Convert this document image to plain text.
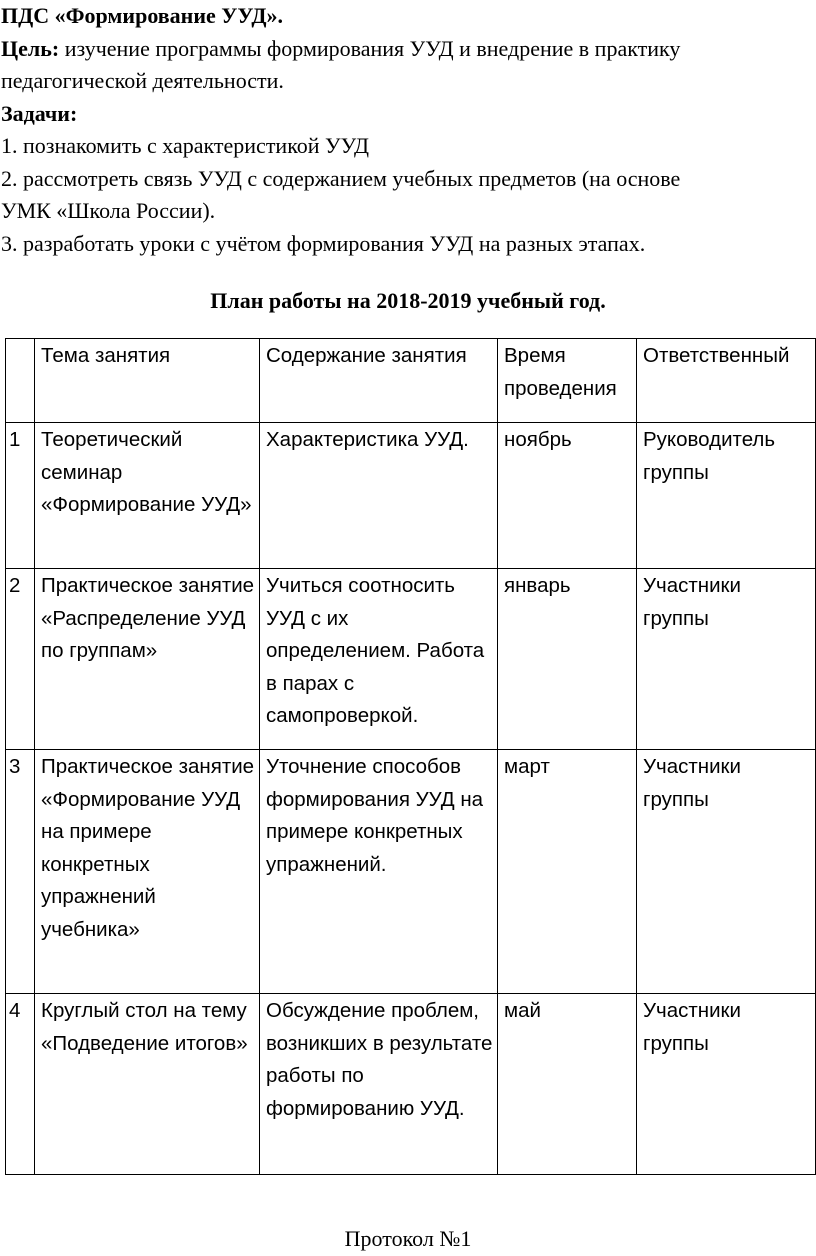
ПДС «Формирование УУД».
Цель: изучение программы формирования УУД и внедрение в практику
педагогической деятельности.
Задачи:
1. познакомить с характеристикой УУД
2. рассмотреть связь УУД с содержанием учебных предметов (на основе
УМК «Школа России).
3. разработать уроки с учётом формирования УУД на разных этапах.
План работы на 2018-2019 учебный год.
	Тема занятия	Содержание занятия	Время проведения	Ответственный
1	Теоретический семинар «Формирование УУД»	Характеристика УУД.	ноябрь	Руководитель группы
2	Практическое занятие «Распределение УУД по группам»	Учиться соотносить УУД с их определением. Работа в парах с самопроверкой.	январь	Участники группы
3	Практическое занятие «Формирование УУД на примере конкретных упражнений учебника»	Уточнение способов формирования УУД на примере конкретных упражнений.	март	Участники группы
4	Круглый стол на тему «Подведение итогов»	Обсуждение проблем, возникших в результате работы по формированию УУД.	май	Участники группы
Протокол №1
